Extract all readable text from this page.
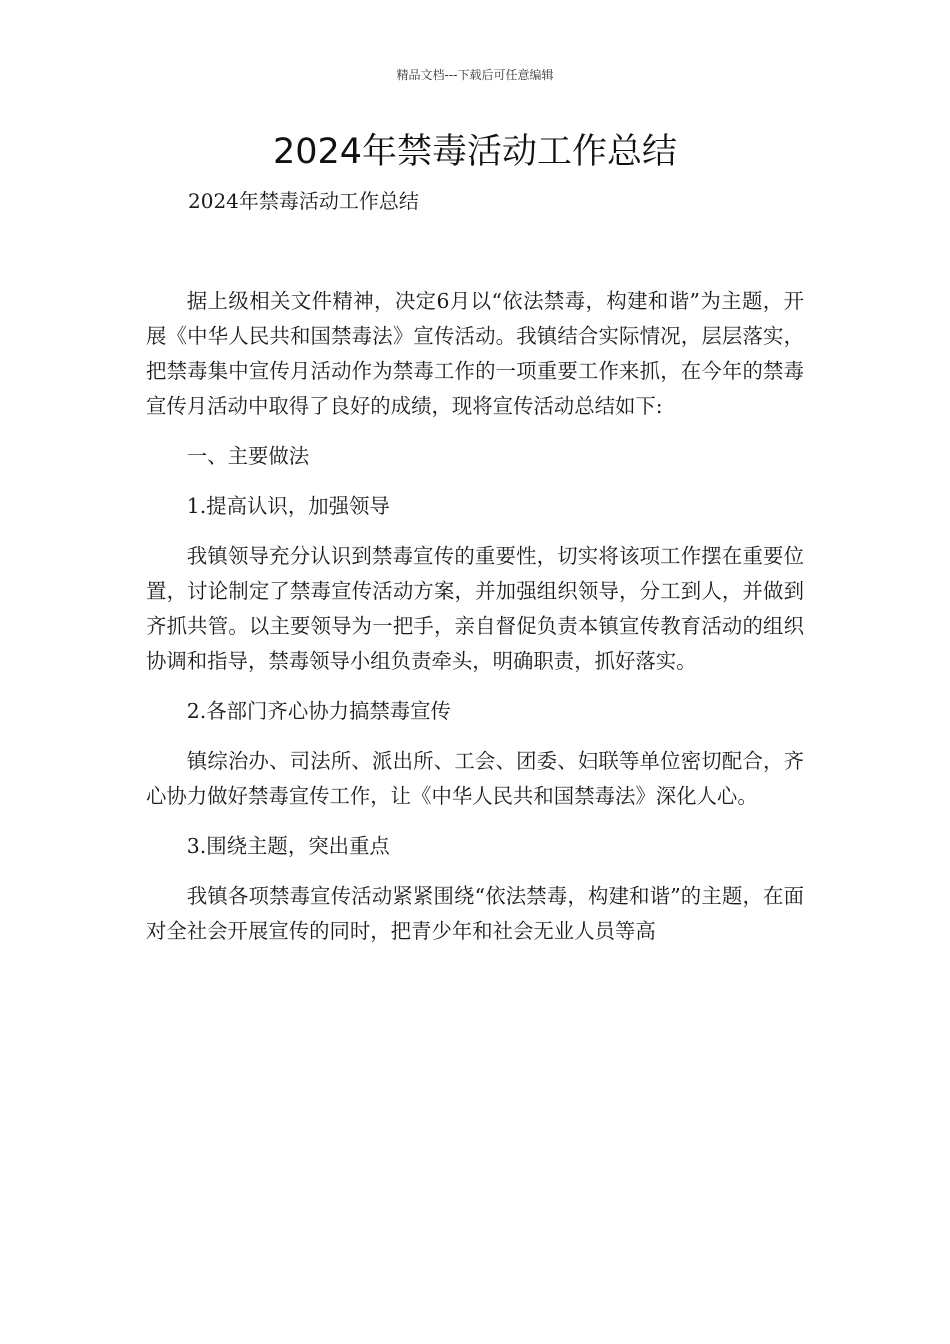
精品文档---下载后可任意编辑
2024年禁毒活动工作总结
2024年禁毒活动工作总结

据上级相关文件精神，决定6月以“依法禁毒，构建和谐”为主题，开展《中华人民共和国禁毒法》宣传活动。我镇结合实际情况，层层落实，把禁毒集中宣传月活动作为禁毒工作的一项重要工作来抓，在今年的禁毒宣传月活动中取得了良好的成绩，现将宣传活动总结如下:

一、主要做法

1.提高认识，加强领导

我镇领导充分认识到禁毒宣传的重要性，切实将该项工作摆在重要位置，讨论制定了禁毒宣传活动方案，并加强组织领导，分工到人，并做到齐抓共管。以主要领导为一把手，亲自督促负责本镇宣传教育活动的组织协调和指导，禁毒领导小组负责牵头，明确职责，抓好落实。

2.各部门齐心协力搞禁毒宣传

镇综治办、司法所、派出所、工会、团委、妇联等单位密切配合，齐心协力做好禁毒宣传工作，让《中华人民共和国禁毒法》深化人心。

3.围绕主题，突出重点

我镇各项禁毒宣传活动紧紧围绕“依法禁毒，构建和谐”的主题，在面对全社会开展宣传的同时，把青少年和社会无业人员等高
